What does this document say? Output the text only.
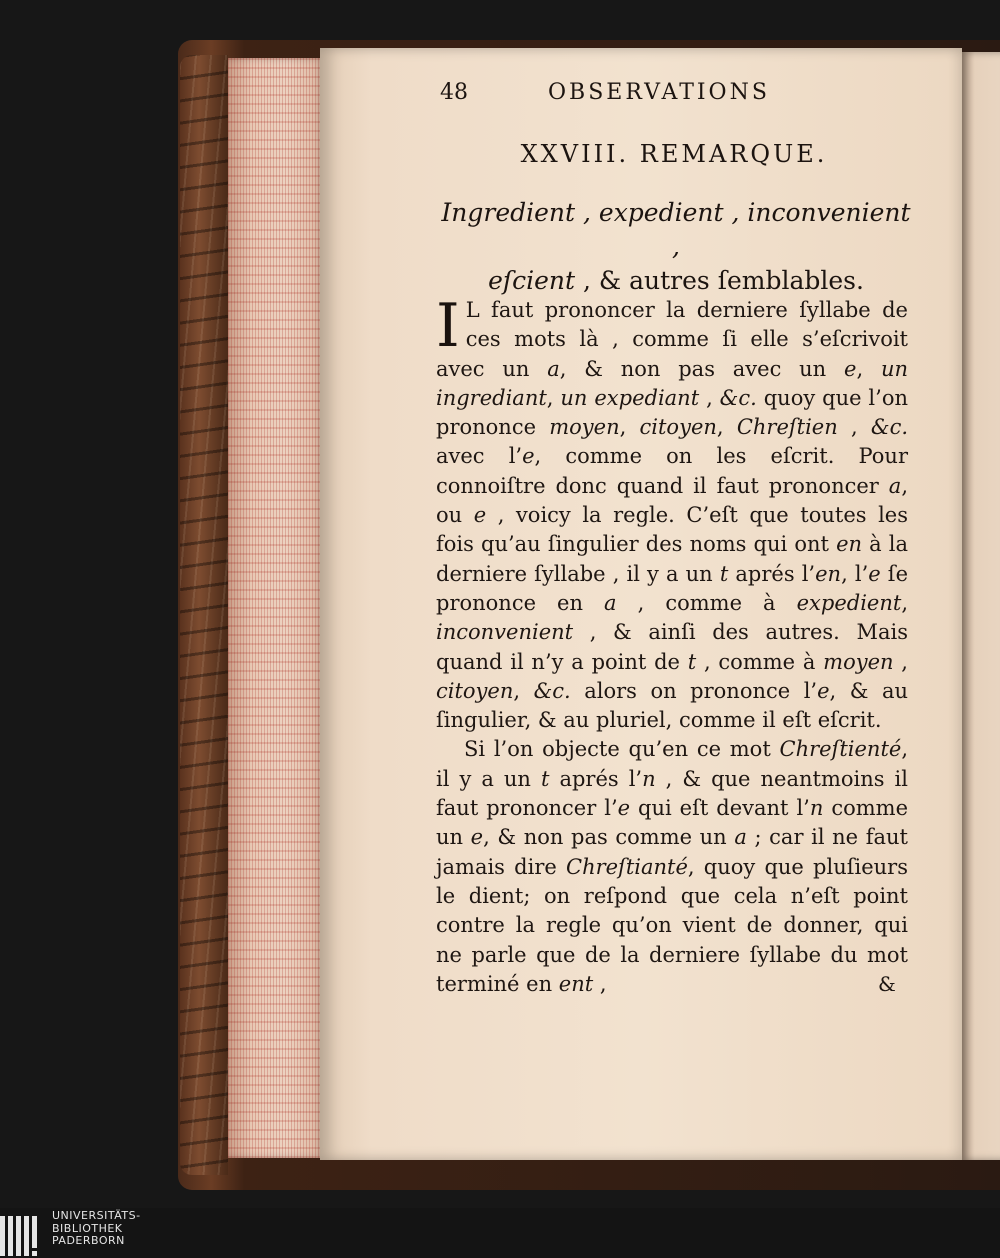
48	OBSERVATIONS
XXVIII. REMARQUE.
Ingredient , expedient , inconvenient ,
eſcient , & autres ſemblables.

I L faut prononcer la derniere ſyllabe de ces mots là , comme ſi elle s’eſcrivoit avec un a, & non pas avec un e, un ingrediant, un expediant , &c. quoy que l’on prononce moyen, citoyen, Chreſtien , &c. avec l’e, comme on les eſcrit. Pour connoiſtre donc quand il faut prononcer a, ou e , voicy la regle. C’eſt que toutes les fois qu’au ſingulier des noms qui ont en à la derniere ſyllabe , il y a un t aprés l’en, l’e ſe prononce en a , comme à expedient, inconvenient , & ainſi des autres. Mais quand il n’y a point de t , comme à moyen , citoyen, &c. alors on prononce l’e, & au ſingulier, & au pluriel, comme il eſt eſcrit.

Si l’on objecte qu’en ce mot Chreſtienté, il y a un t aprés l’n , & que neantmoins il faut prononcer l’e qui eſt devant l’n comme un e, & non pas comme un a ; car il ne faut jamais dire Chreſtianté, quoy que pluſieurs le dient; on reſpond que cela n’eſt point contre la regle qu’on vient de donner, qui ne parle que de la derniere ſyllabe du mot terminé en ent ,	&
UNIVERSITÄTS-
BIBLIOTHEK
PADERBORN
